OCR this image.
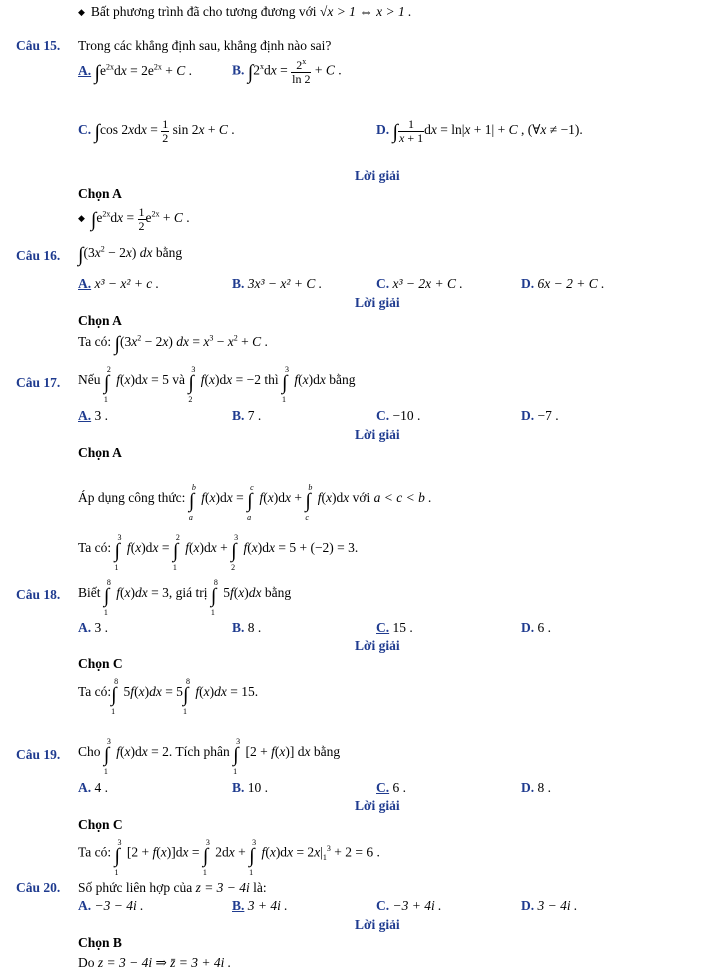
◆ Bất phương trình đã cho tương đương với √x > 1 ⇔ x > 1 .
Câu 15. Trong các khẳng định sau, khẳng định nào sai?
A. $\int e^{2x}dx = 2e^{2x} + C$ .	B. $\int 2^xdx = \frac{2^x}{\ln 2} + C$ .
C. ∫cos $2xdx = \frac{1}{2}$ sin 2x + C .	D. ∫ $\frac{1}{x + 1}$ dx = ln|x + 1| + C , (∀x ≠ −1).
Lời giải
Chọn A
◆ $\int e^{2x}dx = \frac{1}{2} e^{2x} + C$ .
Câu 16. $\int(3x^2 - 2x)$ dx bằng
A. x³ − x² + c .	B. 3x³ − x² + C .	C. x³ − 2x + C .	D. 6x − 2 + C .
Lời giải
Chọn A
Ta có: $\int(3x^2 - 2x)$ dx = $x^3 - x^2 + C$ .
Câu 17. Nếu
2
∫
1
f(x)dx = 5 và
3
∫
2
f(x)dx = −2 thì
3
∫
1
f(x)dx bằng
A. 3 .	B. 7 .	C. −10 .	D. −7 .
Lời giải
Chọn A
Áp dụng công thức:
b
∫
a
f(x)dx =
c
∫
a
f(x)dx +
b
∫
c
f(x)dx với a < c < b .
Ta có:
3
∫
1
f(x)dx =
2
∫
1
f(x)dx +
3
∫
2
f(x)dx = 5 + (−2) = 3.
Câu 18. Biết
8
∫
1
f(x)dx = 3, giá trị
8
∫
1
5f(x)dx bằng
A. 3 .	B. 8 .	C. 15 .	D. 6 .
Lời giải
Chọn C
Ta có:
8
∫
1
5f(x)dx = 5
8
∫
1
f(x)dx = 15.
Câu 19. Cho
3
∫
1
f(x)dx = 2. Tích phân
3
∫
1
[2 + f(x)] dx bằng
A. 4 .	B. 10 .	C. 6 .	D. 8 .
Lời giải
Chọn C
Ta có:
3
∫
1
[2 + f(x)]dx =
3
∫
1
2dx +
3
∫
1
$f(x)dx = 2x|_1^3 + 2 = 6$ .
Câu 20. Số phức liên hợp của z = 3 − 4i là:
A. −3 − 4i .	B. 3 + 4i .	C. −3 + 4i .	D. 3 − 4i .
Lời giải
Chọn B
Do z = 3 − 4i ⇒ z̄ = 3 + 4i .
